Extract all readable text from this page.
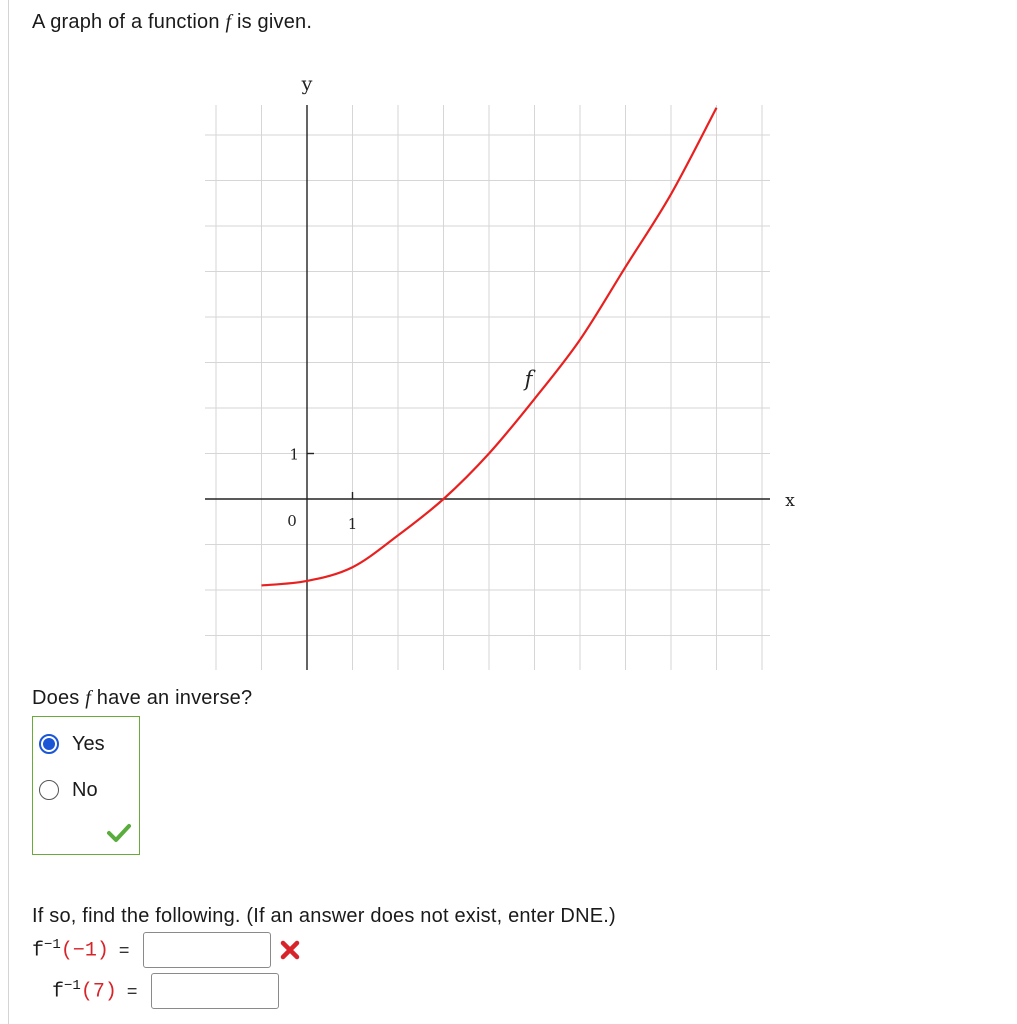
A graph of a function f is given.
x
y
1
1
0
f
Does f have an inverse?
Yes
No
If so, find the following. (If an answer does not exist, enter DNE.)
$f^{-1}(-1)$ =
$f^{-1}(7)$ =
